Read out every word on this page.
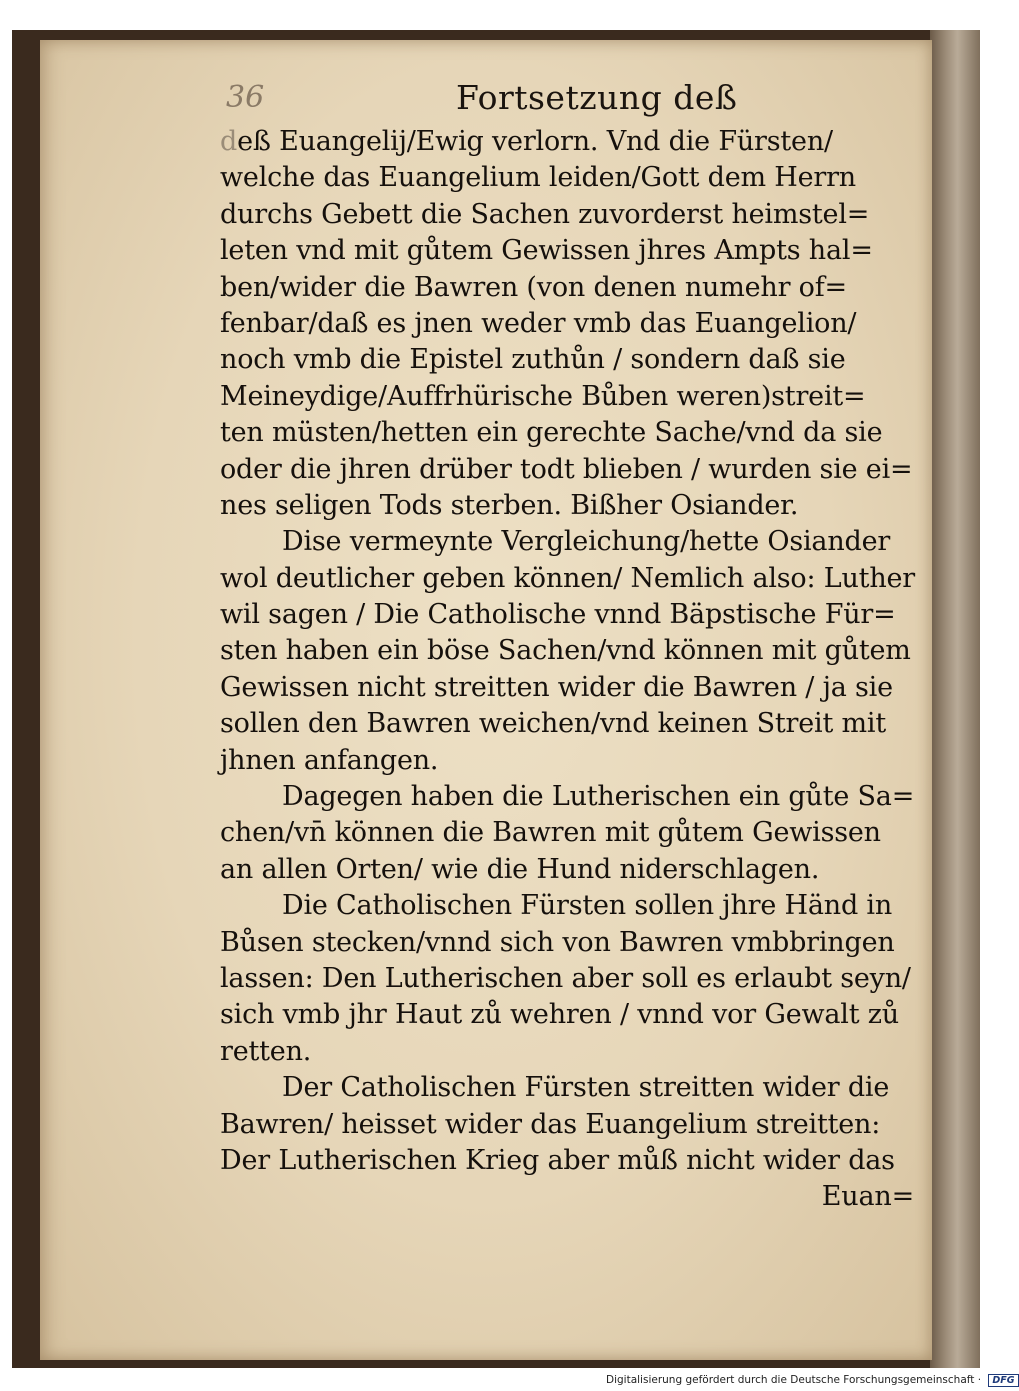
36	Fortsetzung deß
deß Euangelij/Ewig verlorn. Vnd die Fürsten/
welche das Euangelium leiden/Gott dem Herrn
durchs Gebett die Sachen zuvorderst heimstel=
leten vnd mit gůtem Gewissen jhres Ampts hal=
ben/wider die Bawren (von denen numehr of=
fenbar/daß es jnen weder vmb das Euangelion/
noch vmb die Epistel zuthůn / sondern daß sie
Meineydige/Auffrhürische Bůben weren)streit=
ten müsten/hetten ein gerechte Sache/vnd da sie
oder die jhren drüber todt blieben / wurden sie ei=
nes seligen Tods sterben. Bißher Osiander.
Dise vermeynte Vergleichung/hette Osiander
wol deutlicher geben können/ Nemlich also: Luther
wil sagen / Die Catholische vnnd Bäpstische Für=
sten haben ein böse Sachen/vnd können mit gůtem
Gewissen nicht streitten wider die Bawren / ja sie
sollen den Bawren weichen/vnd keinen Streit mit
jhnen anfangen.
Dagegen haben die Lutherischen ein gůte Sa=
chen/vn̄ können die Bawren mit gůtem Gewissen
an allen Orten/ wie die Hund niderschlagen.
Die Catholischen Fürsten sollen jhre Händ in
Bůsen stecken/vnnd sich von Bawren vmbbringen
lassen: Den Lutherischen aber soll es erlaubt seyn/
sich vmb jhr Haut zů wehren / vnnd vor Gewalt zů
retten.
Der Catholischen Fürsten streitten wider die
Bawren/ heisset wider das Euangelium streitten:
Der Lutherischen Krieg aber můß nicht wider das
Euan=
Digitalisierung gefördert durch die Deutsche Forschungsgemeinschaft · DFG
